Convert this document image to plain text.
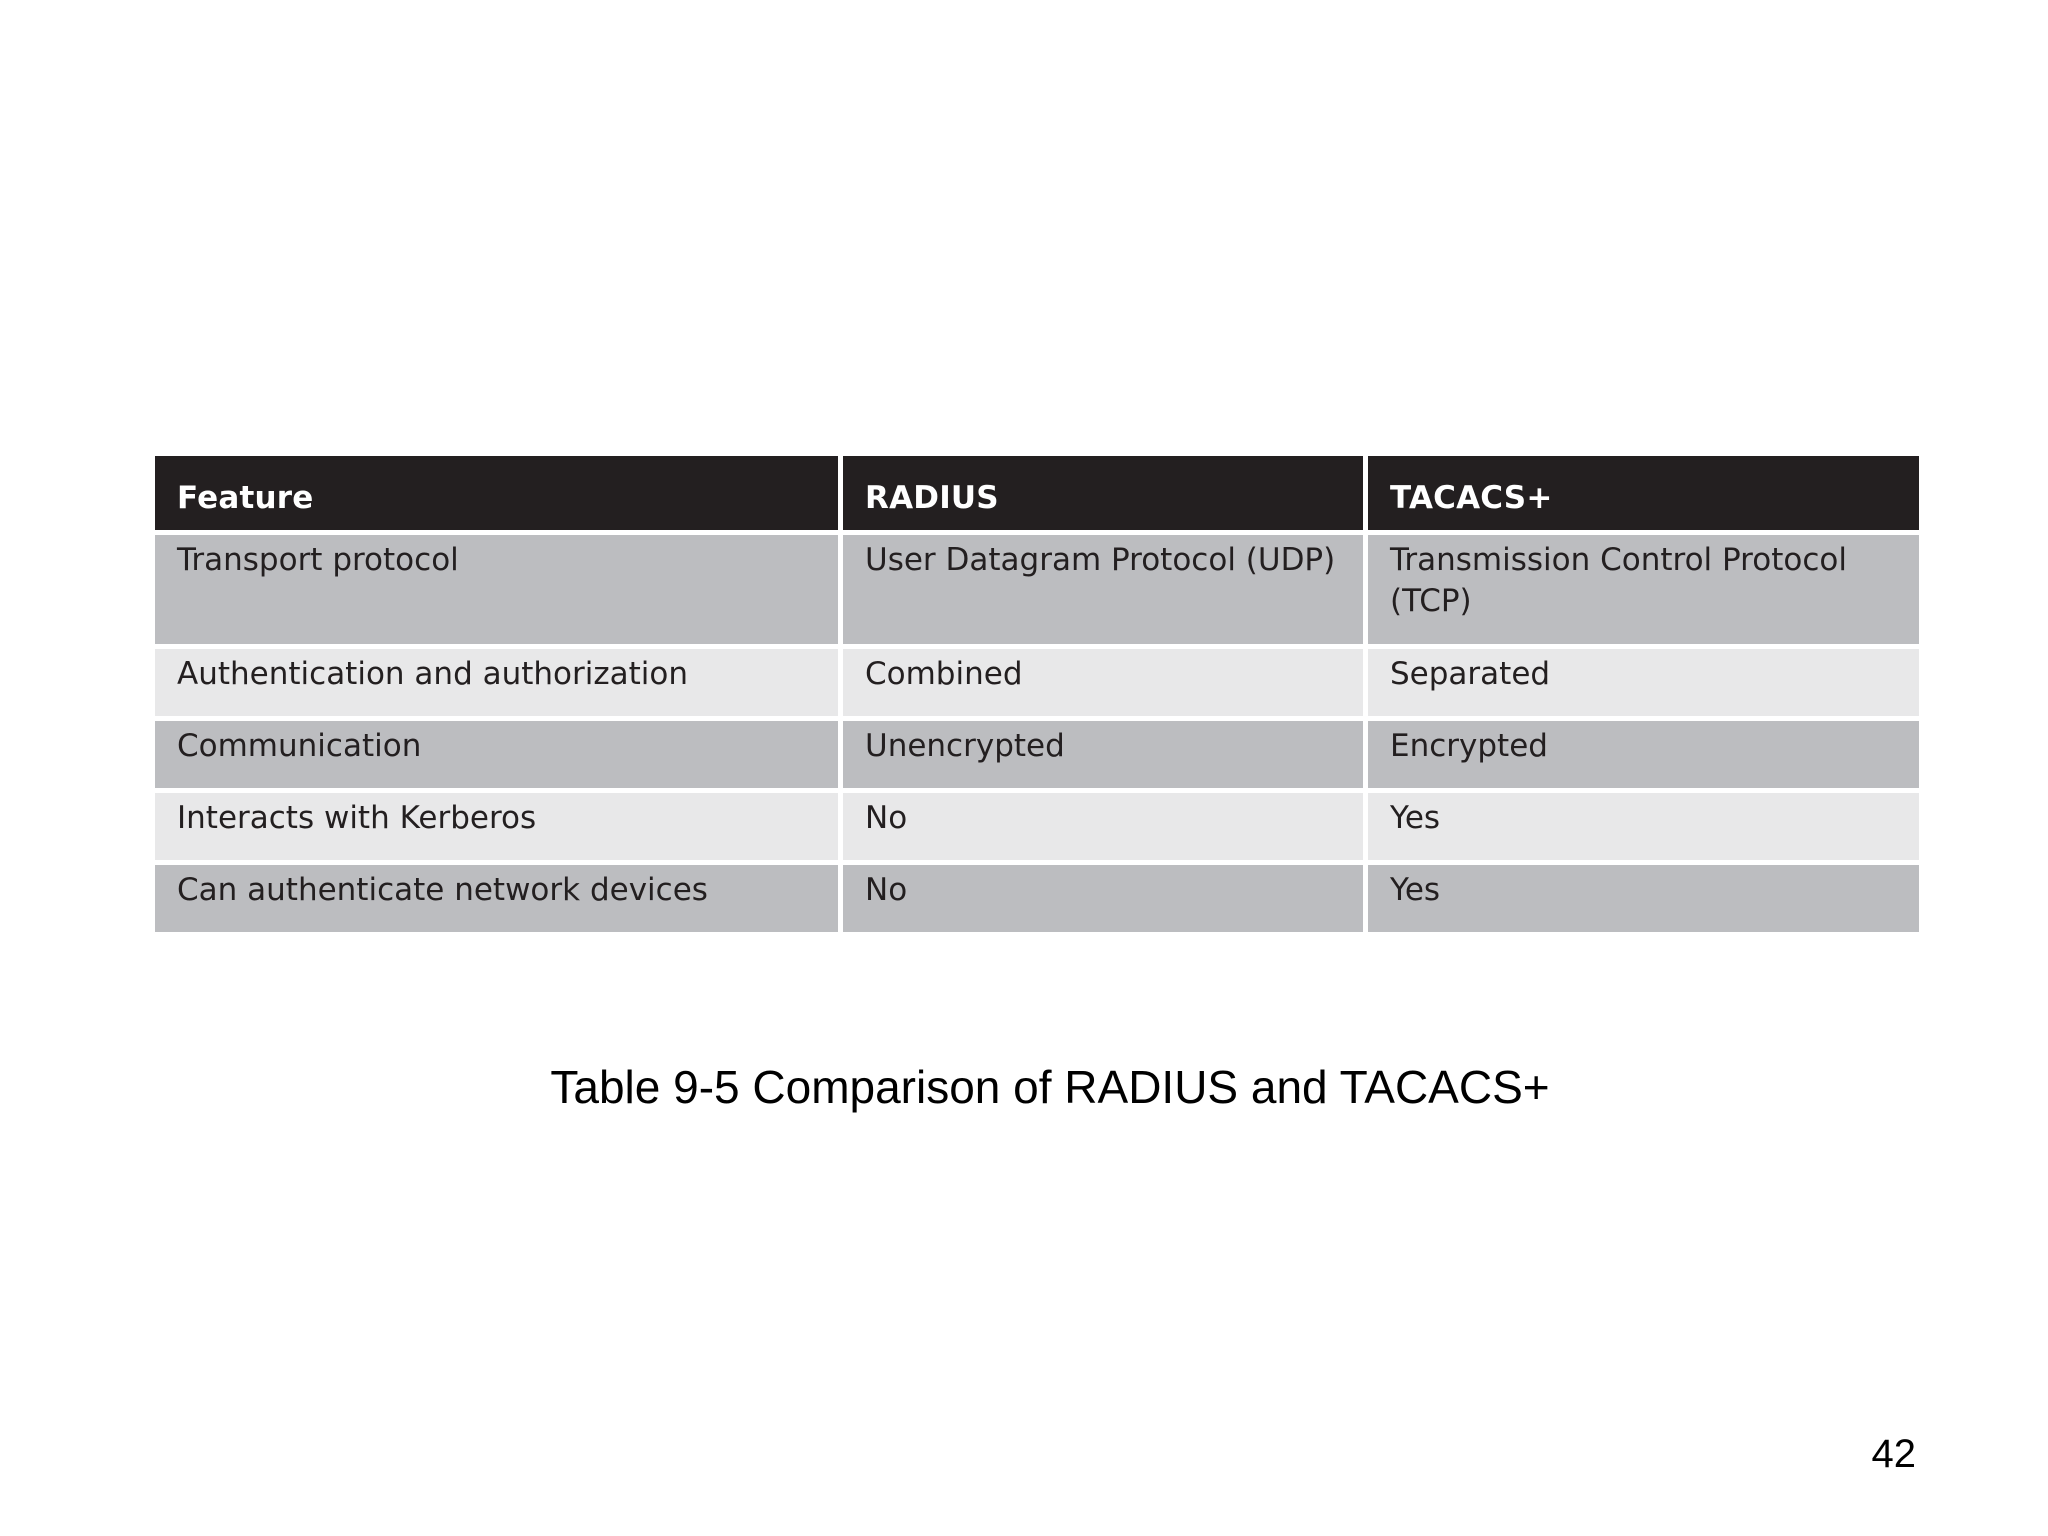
Feature	RADIUS	TACACS+
Transport protocol	User Datagram Protocol (UDP)	Transmission Control Protocol (TCP)
Authentication and authorization	Combined	Separated
Communication	Unencrypted	Encrypted
Interacts with Kerberos	No	Yes
Can authenticate network devices	No	Yes
Table 9-5 Comparison of RADIUS and TACACS+
42
